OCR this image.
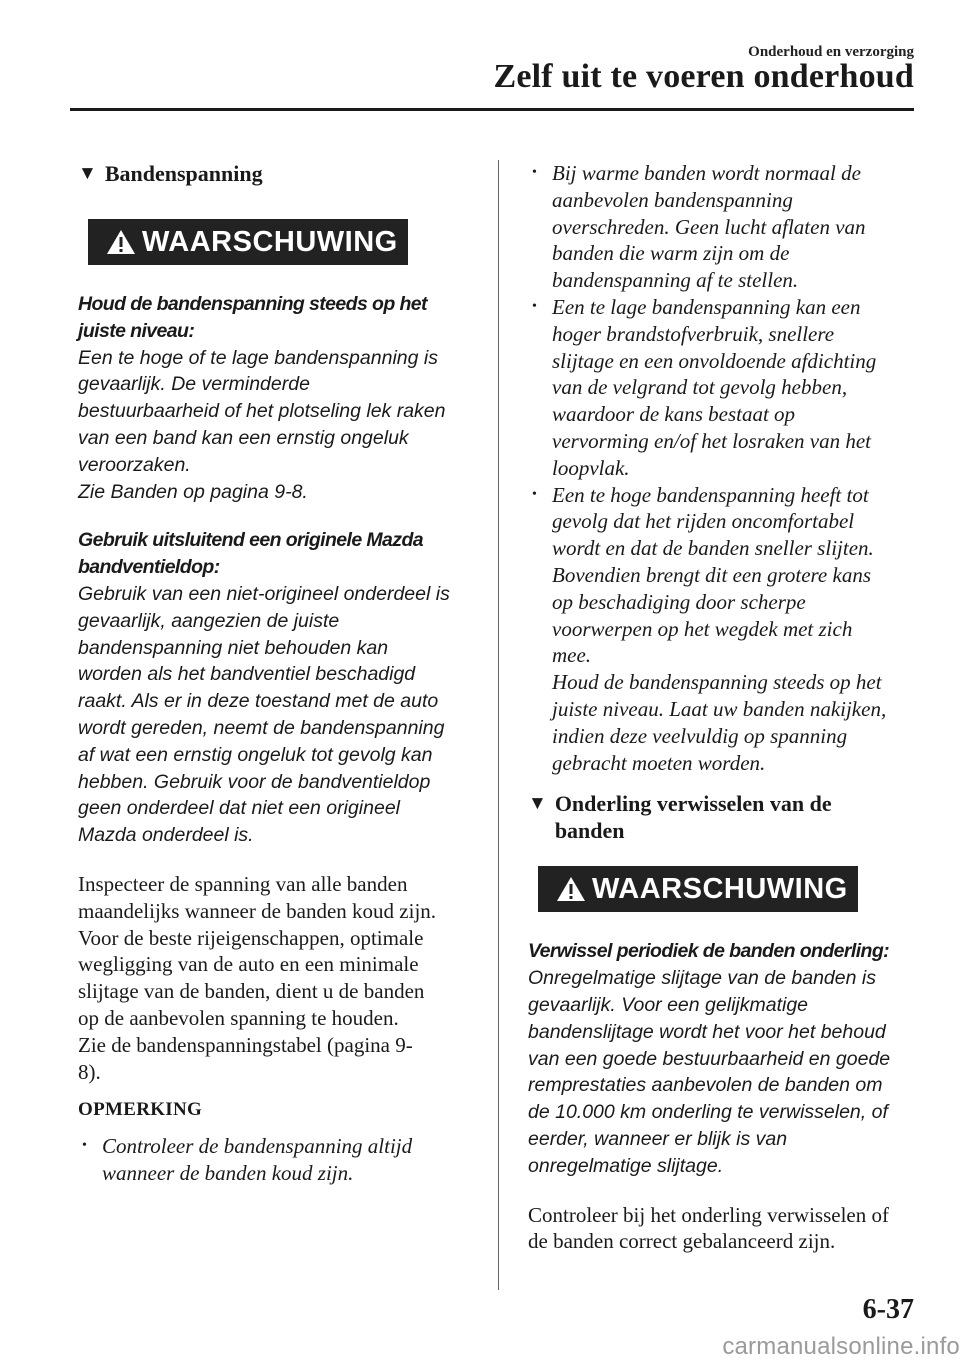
Onderhoud en verzorging
Zelf uit te voeren onderhoud
▼ Bandenspanning
WAARSCHUWING
Houd de bandenspanning steeds op het juiste niveau:
Een te hoge of te lage bandenspanning is
gevaarlijk. De verminderde
bestuurbaarheid of het plotseling lek raken
van een band kan een ernstig ongeluk
veroorzaken.
Zie Banden op pagina 9-8.
Gebruik uitsluitend een originele Mazda bandventieldop:
Gebruik van een niet-origineel onderdeel is
gevaarlijk, aangezien de juiste
bandenspanning niet behouden kan
worden als het bandventiel beschadigd
raakt. Als er in deze toestand met de auto
wordt gereden, neemt de bandenspanning
af wat een ernstig ongeluk tot gevolg kan
hebben. Gebruik voor de bandventieldop
geen onderdeel dat niet een origineel
Mazda onderdeel is.
Inspecteer de spanning van alle banden
maandelijks wanneer de banden koud zijn.
Voor de beste rijeigenschappen, optimale
wegligging van de auto en een minimale
slijtage van de banden, dient u de banden
op de aanbevolen spanning te houden.
Zie de bandenspanningstabel (pagina 9-
8).
OPMERKING
• Controleer de bandenspanning altijd
wanneer de banden koud zijn.
• Bij warme banden wordt normaal de
aanbevolen bandenspanning
overschreden. Geen lucht aflaten van
banden die warm zijn om de
bandenspanning af te stellen.
• Een te lage bandenspanning kan een
hoger brandstofverbruik, snellere
slijtage en een onvoldoende afdichting
van de velgrand tot gevolg hebben,
waardoor de kans bestaat op
vervorming en/of het losraken van het
loopvlak.
• Een te hoge bandenspanning heeft tot
gevolg dat het rijden oncomfortabel
wordt en dat de banden sneller slijten.
Bovendien brengt dit een grotere kans
op beschadiging door scherpe
voorwerpen op het wegdek met zich
mee.
Houd de bandenspanning steeds op het
juiste niveau. Laat uw banden nakijken,
indien deze veelvuldig op spanning
gebracht moeten worden.
▼ Onderling verwisselen van de
banden
WAARSCHUWING
Verwissel periodiek de banden onderling:
Onregelmatige slijtage van de banden is
gevaarlijk. Voor een gelijkmatige
bandenslijtage wordt het voor het behoud
van een goede bestuurbaarheid en goede
remprestaties aanbevolen de banden om
de 10.000 km onderling te verwisselen, of
eerder, wanneer er blijk is van
onregelmatige slijtage.
Controleer bij het onderling verwisselen of
de banden correct gebalanceerd zijn.
6-37
carmanualsonline.info
